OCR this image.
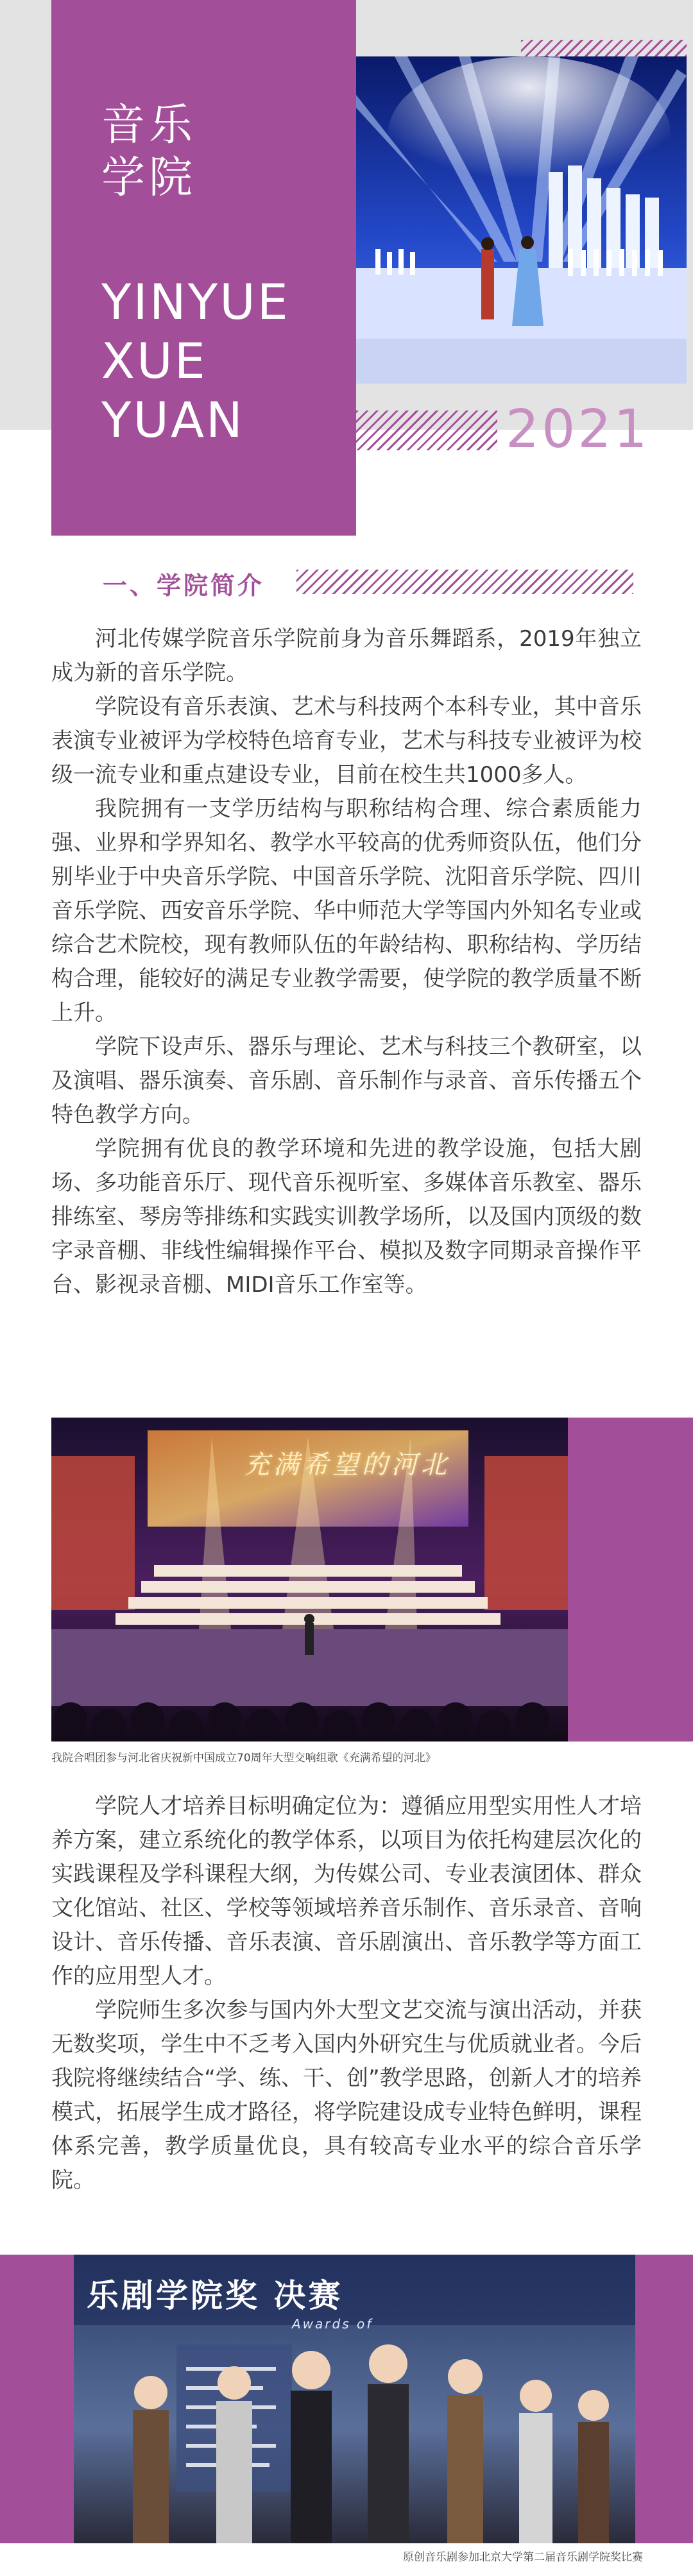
音乐
学院
YINYUE
XUE
YUAN	2021
一、学院简介

河北传媒学院音乐学院前身为音乐舞蹈系，2019年独立成为新的音乐学院。

学院设有音乐表演、艺术与科技两个本科专业，其中音乐表演专业被评为学校特色培育专业，艺术与科技专业被评为校级一流专业和重点建设专业，目前在校生共1000多人。

我院拥有一支学历结构与职称结构合理、综合素质能力强、业界和学界知名、教学水平较高的优秀师资队伍，他们分别毕业于中央音乐学院、中国音乐学院、沈阳音乐学院、四川音乐学院、西安音乐学院、华中师范大学等国内外知名专业或综合艺术院校，现有教师队伍的年龄结构、职称结构、学历结构合理，能较好的满足专业教学需要，使学院的教学质量不断上升。

学院下设声乐、器乐与理论、艺术与科技三个教研室，以及演唱、器乐演奏、音乐剧、音乐制作与录音、音乐传播五个特色教学方向。

学院拥有优良的教学环境和先进的教学设施，包括大剧场、多功能音乐厅、现代音乐视听室、多媒体音乐教室、器乐排练室、琴房等排练和实践实训教学场所，以及国内顶级的数字录音棚、非线性编辑操作平台、模拟及数字同期录音操作平台、影视录音棚、MIDI音乐工作室等。

充满希望的河北
我院合唱团参与河北省庆祝新中国成立70周年大型交响组歌《充满希望的河北》

学院人才培养目标明确定位为：遵循应用型实用性人才培养方案，建立系统化的教学体系，以项目为依托构建层次化的实践课程及学科课程大纲，为传媒公司、专业表演团体、群众文化馆站、社区、学校等领域培养音乐制作、音乐录音、音响设计、音乐传播、音乐表演、音乐剧演出、音乐教学等方面工作的应用型人才。

学院师生多次参与国内外大型文艺交流与演出活动，并获无数奖项，学生中不乏考入国内外研究生与优质就业者。今后我院将继续结合“学、练、干、创”教学思路，创新人才的培养模式，拓展学生成才路径，将学院建设成专业特色鲜明，课程体系完善，教学质量优良，具有较高专业水平的综合音乐学院。

乐剧学院奖 决赛
Awards of
原创音乐剧参加北京大学第二届音乐剧学院奖比赛
